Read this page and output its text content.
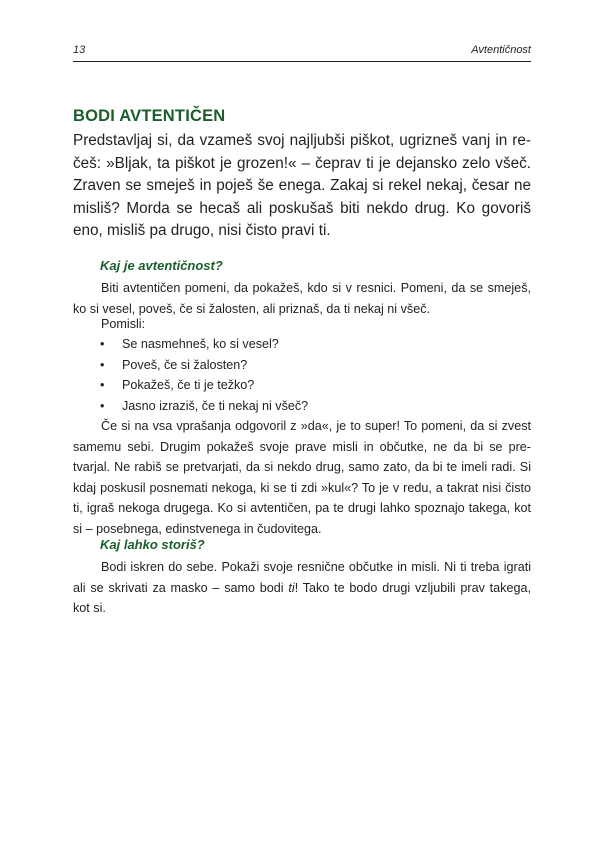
13	Avtentičnost
BODI AVTENTIČEN

Predstavljaj si, da vzameš svoj najljubši piškot, ugrizneš vanj in re-češ: »Bljak, ta piškot je grozen!« – čeprav ti je dejansko zelo všeč. Zraven se smeješ in poješ še enega. Zakaj si rekel nekaj, česar ne misliš? Morda se hecaš ali poskušaš biti nekdo drug. Ko govoriš eno, misliš pa drugo, nisi čisto pravi ti.

Kaj je avtentičnost?

Biti avtentičen pomeni, da pokažeš, kdo si v resnici. Pomeni, da se smeješ, ko si vesel, poveš, če si žalosten, ali priznaš, da ti nekaj ni všeč.

Pomisli:

• Se nasmehneš, ko si vesel?
• Poveš, če si žalosten?
• Pokažeš, če ti je težko?
• Jasno izraziš, če ti nekaj ni všeč?

Če si na vsa vprašanja odgovoril z »da«, je to super! To pomeni, da si zvest samemu sebi. Drugim pokažeš svoje prave misli in občutke, ne da bi se pre-tvarjal. Ne rabiš se pretvarjati, da si nekdo drug, samo zato, da bi te imeli radi. Si kdaj poskusil posnemati nekoga, ki se ti zdi »kul«? To je v redu, a takrat nisi čisto ti, igraš nekoga drugega. Ko si avtentičen, pa te drugi lahko spoznajo takega, kot si – posebnega, edinstvenega in čudovitega.

Kaj lahko storiš?

Bodi iskren do sebe. Pokaži svoje resnične občutke in misli. Ni ti treba igrati ali se skrivati za masko – samo bodi ti! Tako te bodo drugi vzljubili prav takega, kot si.
